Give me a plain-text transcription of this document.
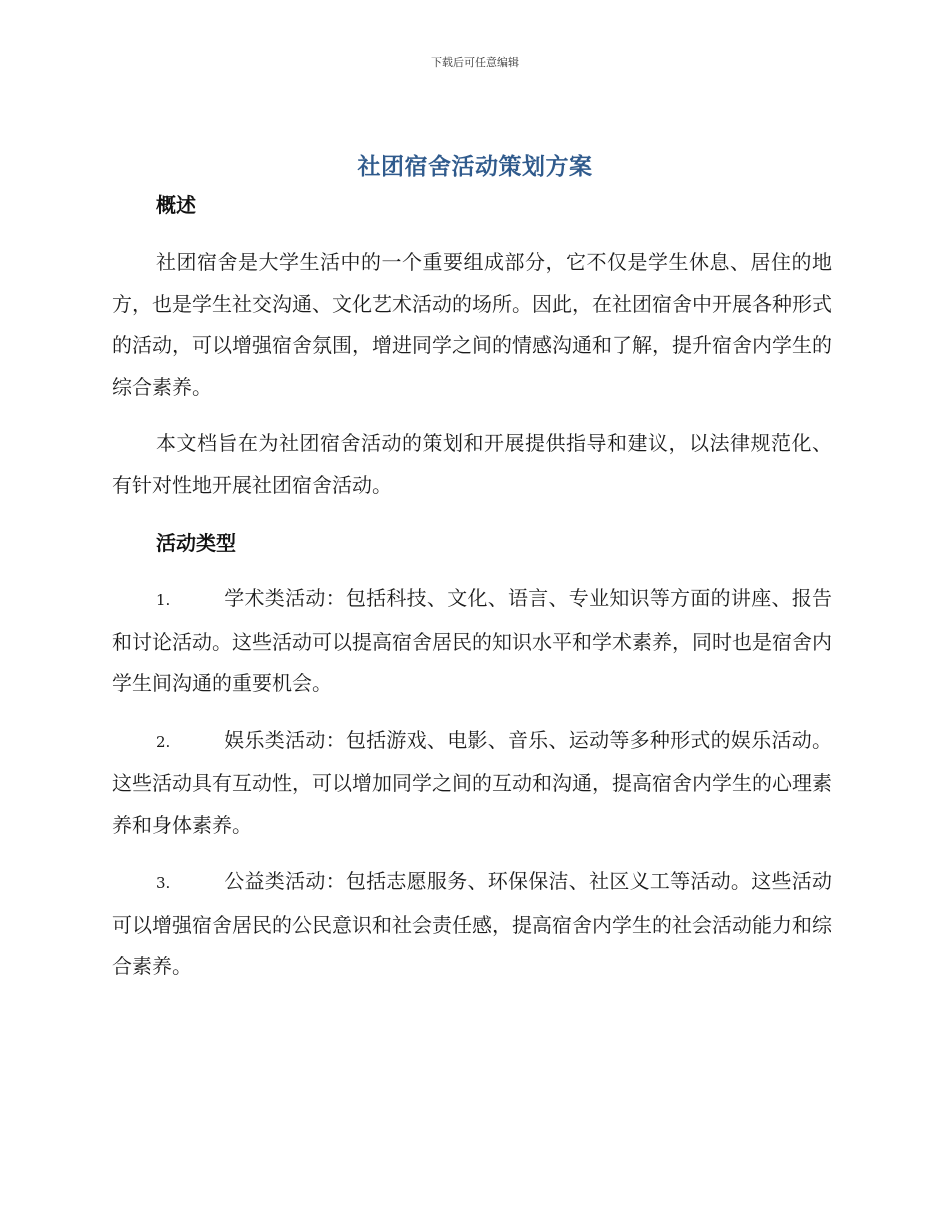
下载后可任意编辑
社团宿舍活动策划方案
概述

社团宿舍是大学生活中的一个重要组成部分，它不仅是学生休息、居住的地方，也是学生社交沟通、文化艺术活动的场所。因此，在社团宿舍中开展各种形式的活动，可以增强宿舍氛围，增进同学之间的情感沟通和了解，提升宿舍内学生的综合素养。

本文档旨在为社团宿舍活动的策划和开展提供指导和建议，以法律规范化、有针对性地开展社团宿舍活动。

活动类型

1.	学术类活动：包括科技、文化、语言、专业知识等方面的讲座、报告和讨论活动。这些活动可以提高宿舍居民的知识水平和学术素养，同时也是宿舍内学生间沟通的重要机会。

2.	娱乐类活动：包括游戏、电影、音乐、运动等多种形式的娱乐活动。这些活动具有互动性，可以增加同学之间的互动和沟通，提高宿舍内学生的心理素养和身体素养。

3.	公益类活动：包括志愿服务、环保保洁、社区义工等活动。这些活动可以增强宿舍居民的公民意识和社会责任感，提高宿舍内学生的社会活动能力和综合素养。
